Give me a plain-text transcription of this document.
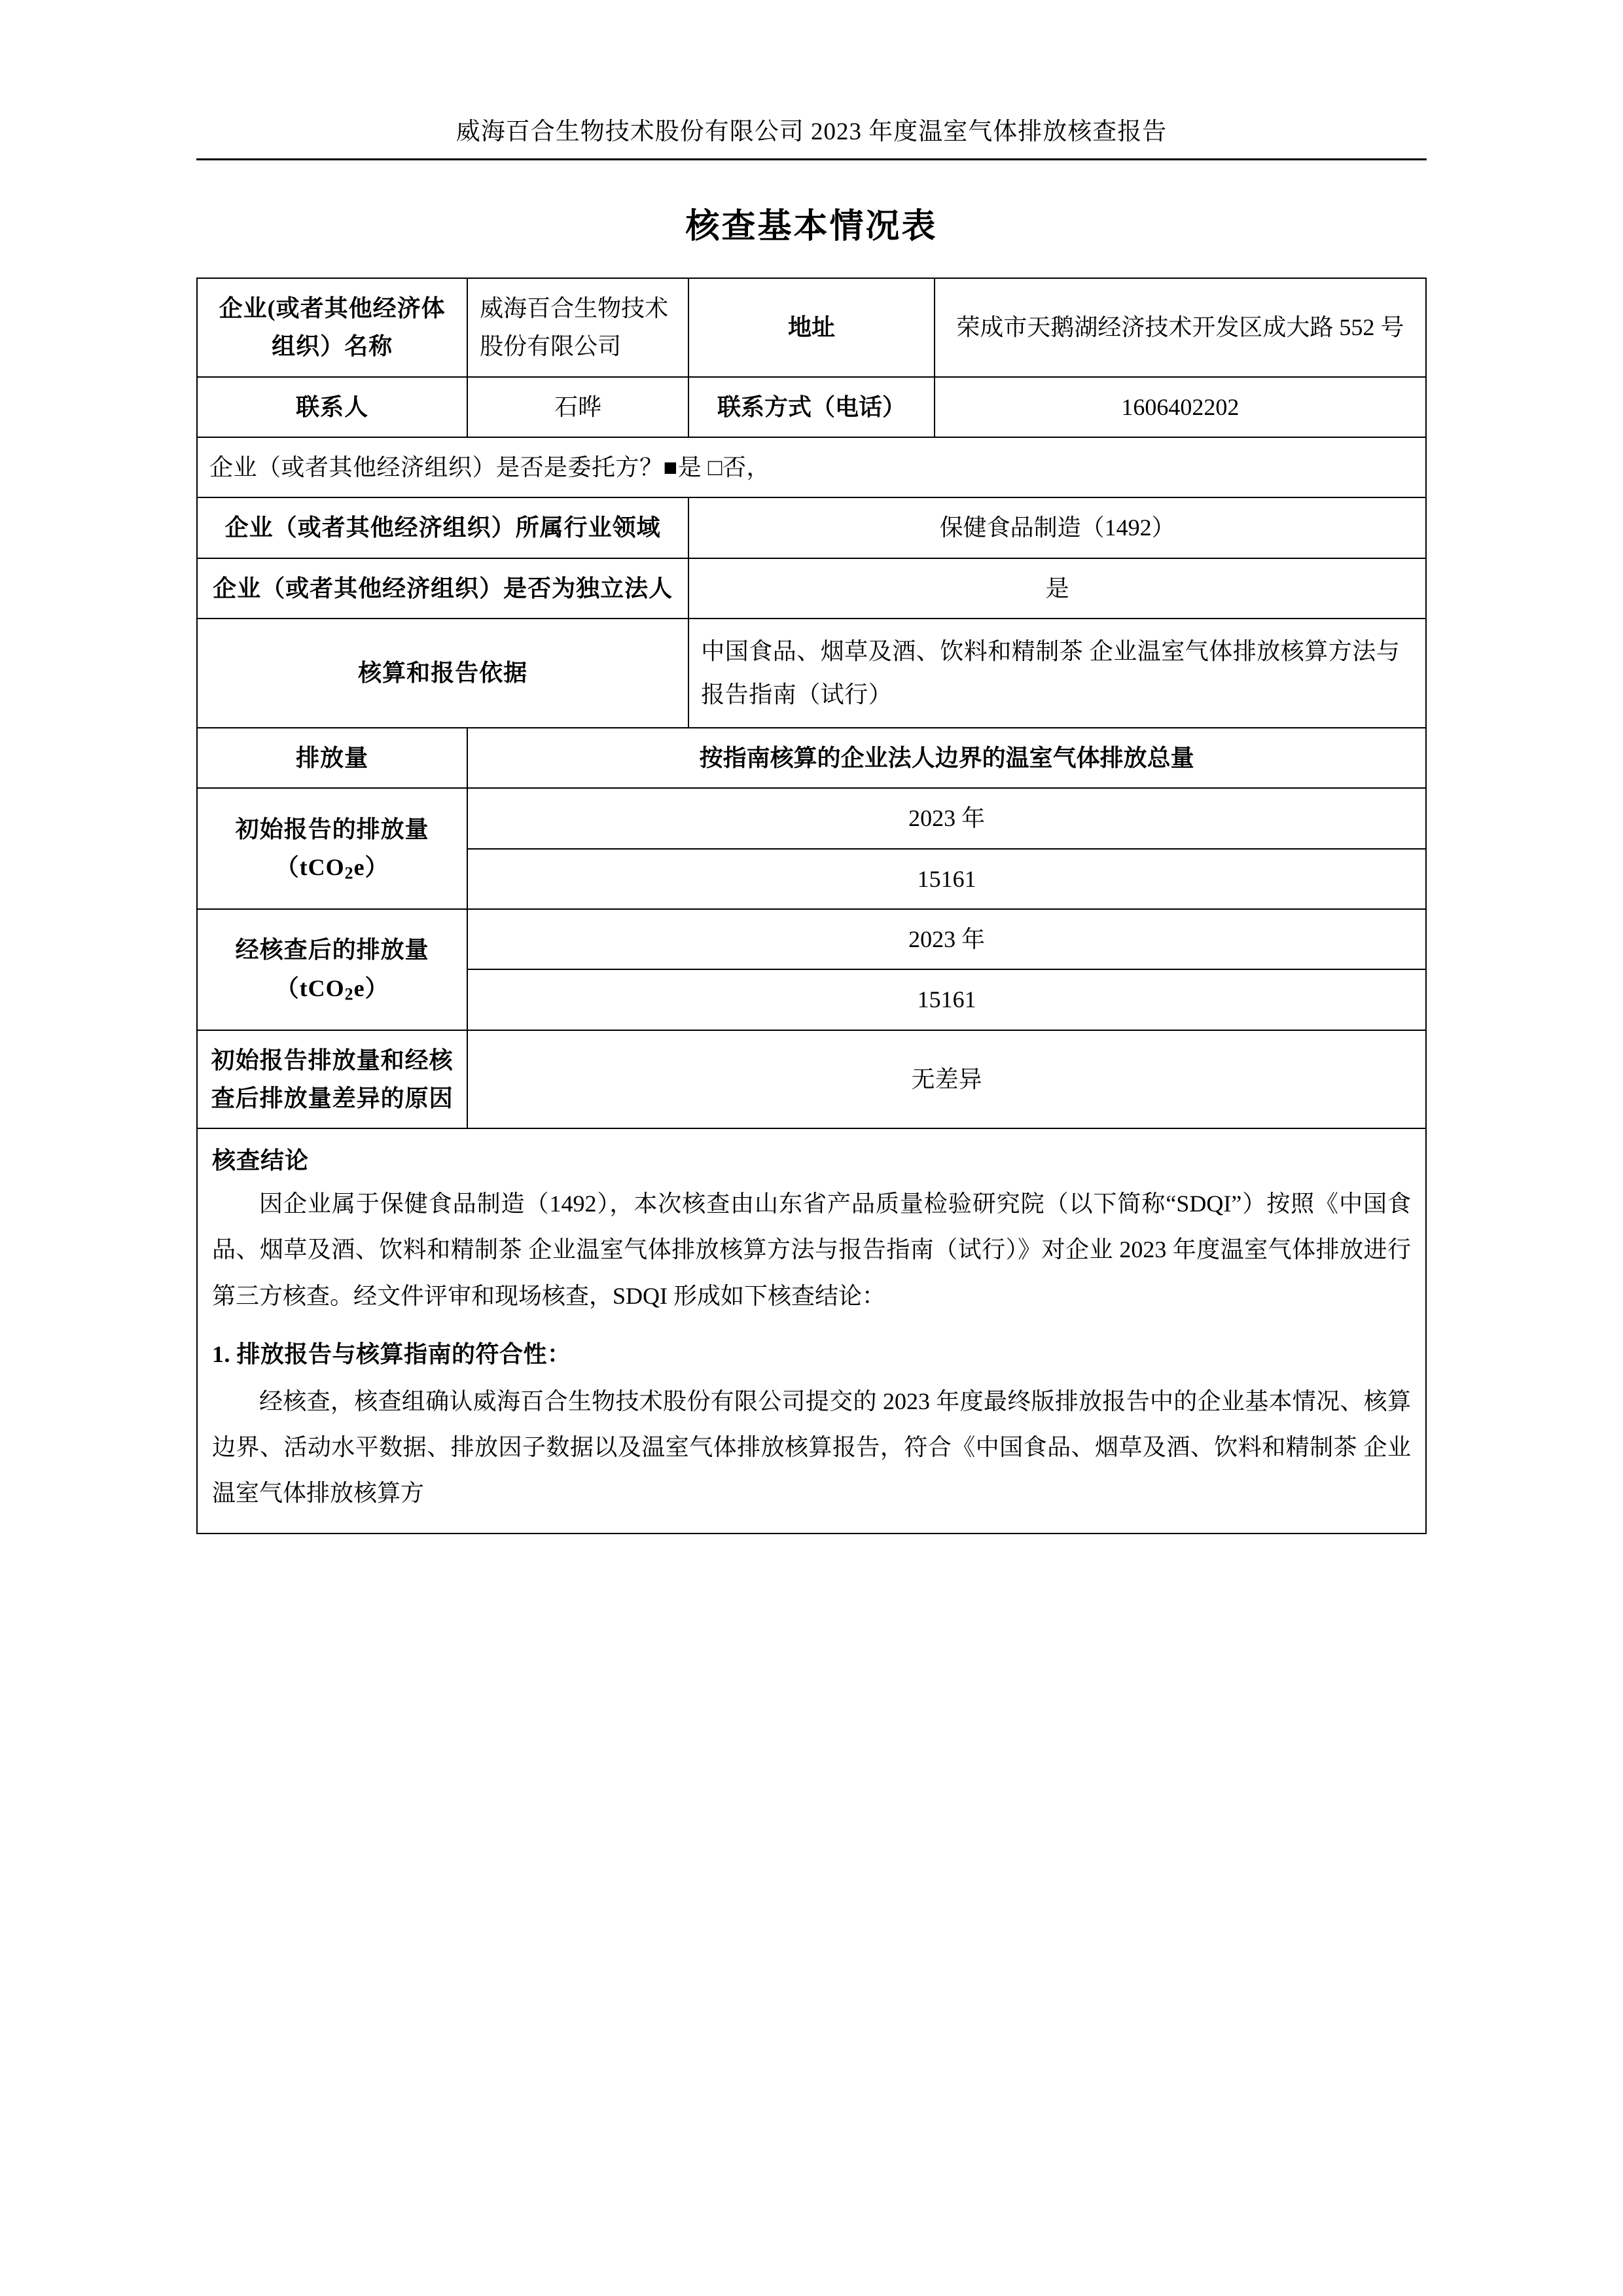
威海百合生物技术股份有限公司 2023 年度温室气体排放核查报告
核查基本情况表
企业(或者其他经济体组织）名称	威海百合生物技术股份有限公司	地址	荣成市天鹅湖经济技术开发区成大路 552 号
联系人	石晔	联系方式（电话）	1606402202
企业（或者其他经济组织）是否是委托方？■是 □否，			
企业（或者其他经济组织）所属行业领域		保健食品制造（1492）	
企业（或者其他经济组织）是否为独立法人		是	
核算和报告依据		中国食品、烟草及酒、饮料和精制茶 企业温室气体排放核算方法与报告指南（试行）	
排放量	按指南核算的企业法人边界的温室气体排放总量		
初始报告的排放量（tCO$_2$e）	2023 年		
	15161		
经核查后的排放量（tCO$_2$e）	2023 年		
	15161		
初始报告排放量和经核查后排放量差异的原因	无差异		
核查结论

因企业属于保健食品制造（1492），本次核查由山东省产品质量检验研究院（以下简称“SDQI”）按照《中国食品、烟草及酒、饮料和精制茶 企业温室气体排放核算方法与报告指南（试行）》对企业 2023 年度温室气体排放进行第三方核查。经文件评审和现场核查，SDQI 形成如下核查结论：

1. 排放报告与核算指南的符合性：

经核查，核查组确认威海百合生物技术股份有限公司提交的 2023 年度最终版排放报告中的企业基本情况、核算边界、活动水平数据、排放因子数据以及温室气体排放核算报告，符合《中国食品、烟草及酒、饮料和精制茶 企业温室气体排放核算方
